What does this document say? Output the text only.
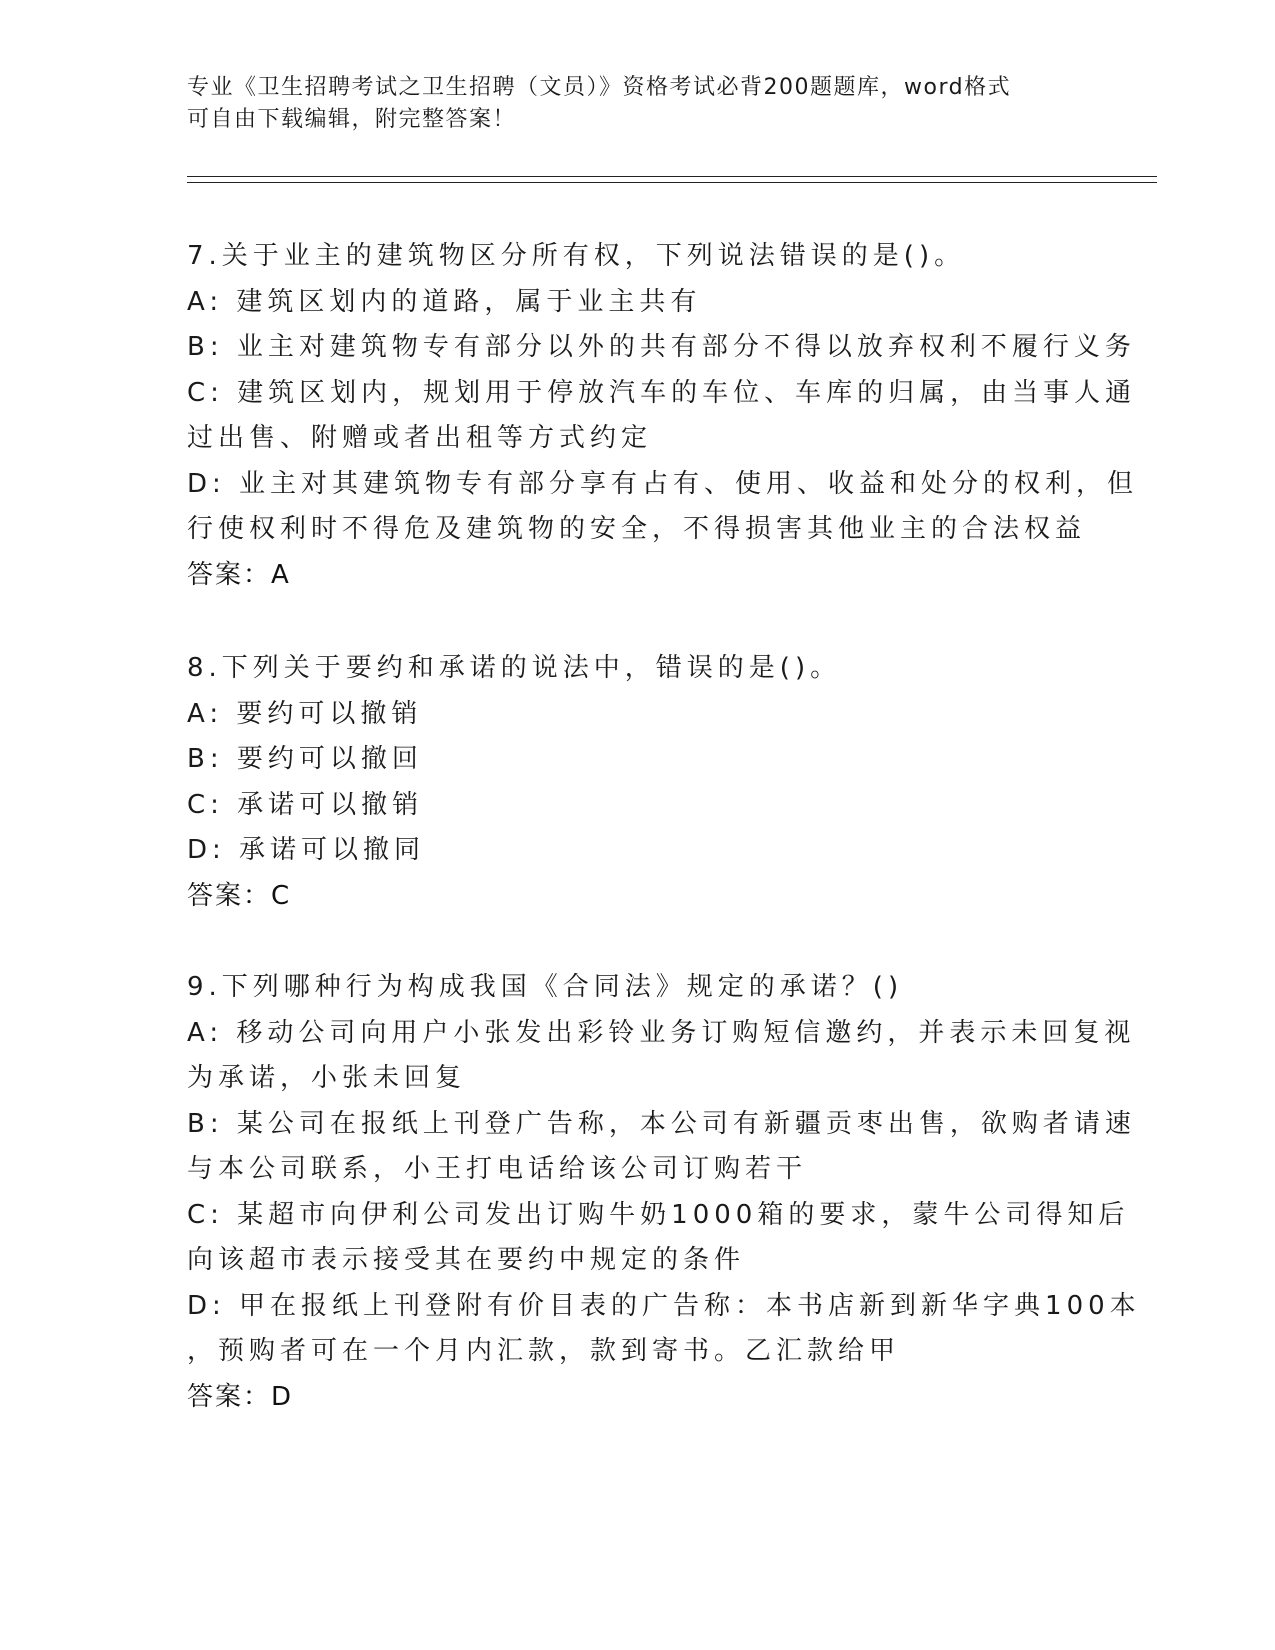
专业《卫生招聘考试之卫生招聘（文员）》资格考试必背200题题库，word格式

可自由下载编辑，附完整答案！

7.关于业主的建筑物区分所有权，下列说法错误的是()。

A: 建筑区划内的道路，属于业主共有

B: 业主对建筑物专有部分以外的共有部分不得以放弃权利不履行义务

C: 建筑区划内，规划用于停放汽车的车位、车库的归属，由当事人通

过出售、附赠或者出租等方式约定

D: 业主对其建筑物专有部分享有占有、使用、收益和处分的权利，但

行使权利时不得危及建筑物的安全，不得损害其他业主的合法权益

答案：A

8.下列关于要约和承诺的说法中，错误的是()。

A: 要约可以撤销

B: 要约可以撤回

C: 承诺可以撤销

D: 承诺可以撤同

答案：C

9.下列哪种行为构成我国《合同法》规定的承诺？()

A: 移动公司向用户小张发出彩铃业务订购短信邀约，并表示未回复视

为承诺，小张未回复

B: 某公司在报纸上刊登广告称，本公司有新疆贡枣出售，欲购者请速

与本公司联系，小王打电话给该公司订购若干

C: 某超市向伊利公司发出订购牛奶1000箱的要求，蒙牛公司得知后

向该超市表示接受其在要约中规定的条件

D: 甲在报纸上刊登附有价目表的广告称：本书店新到新华字典100本

，预购者可在一个月内汇款，款到寄书。乙汇款给甲

答案：D
